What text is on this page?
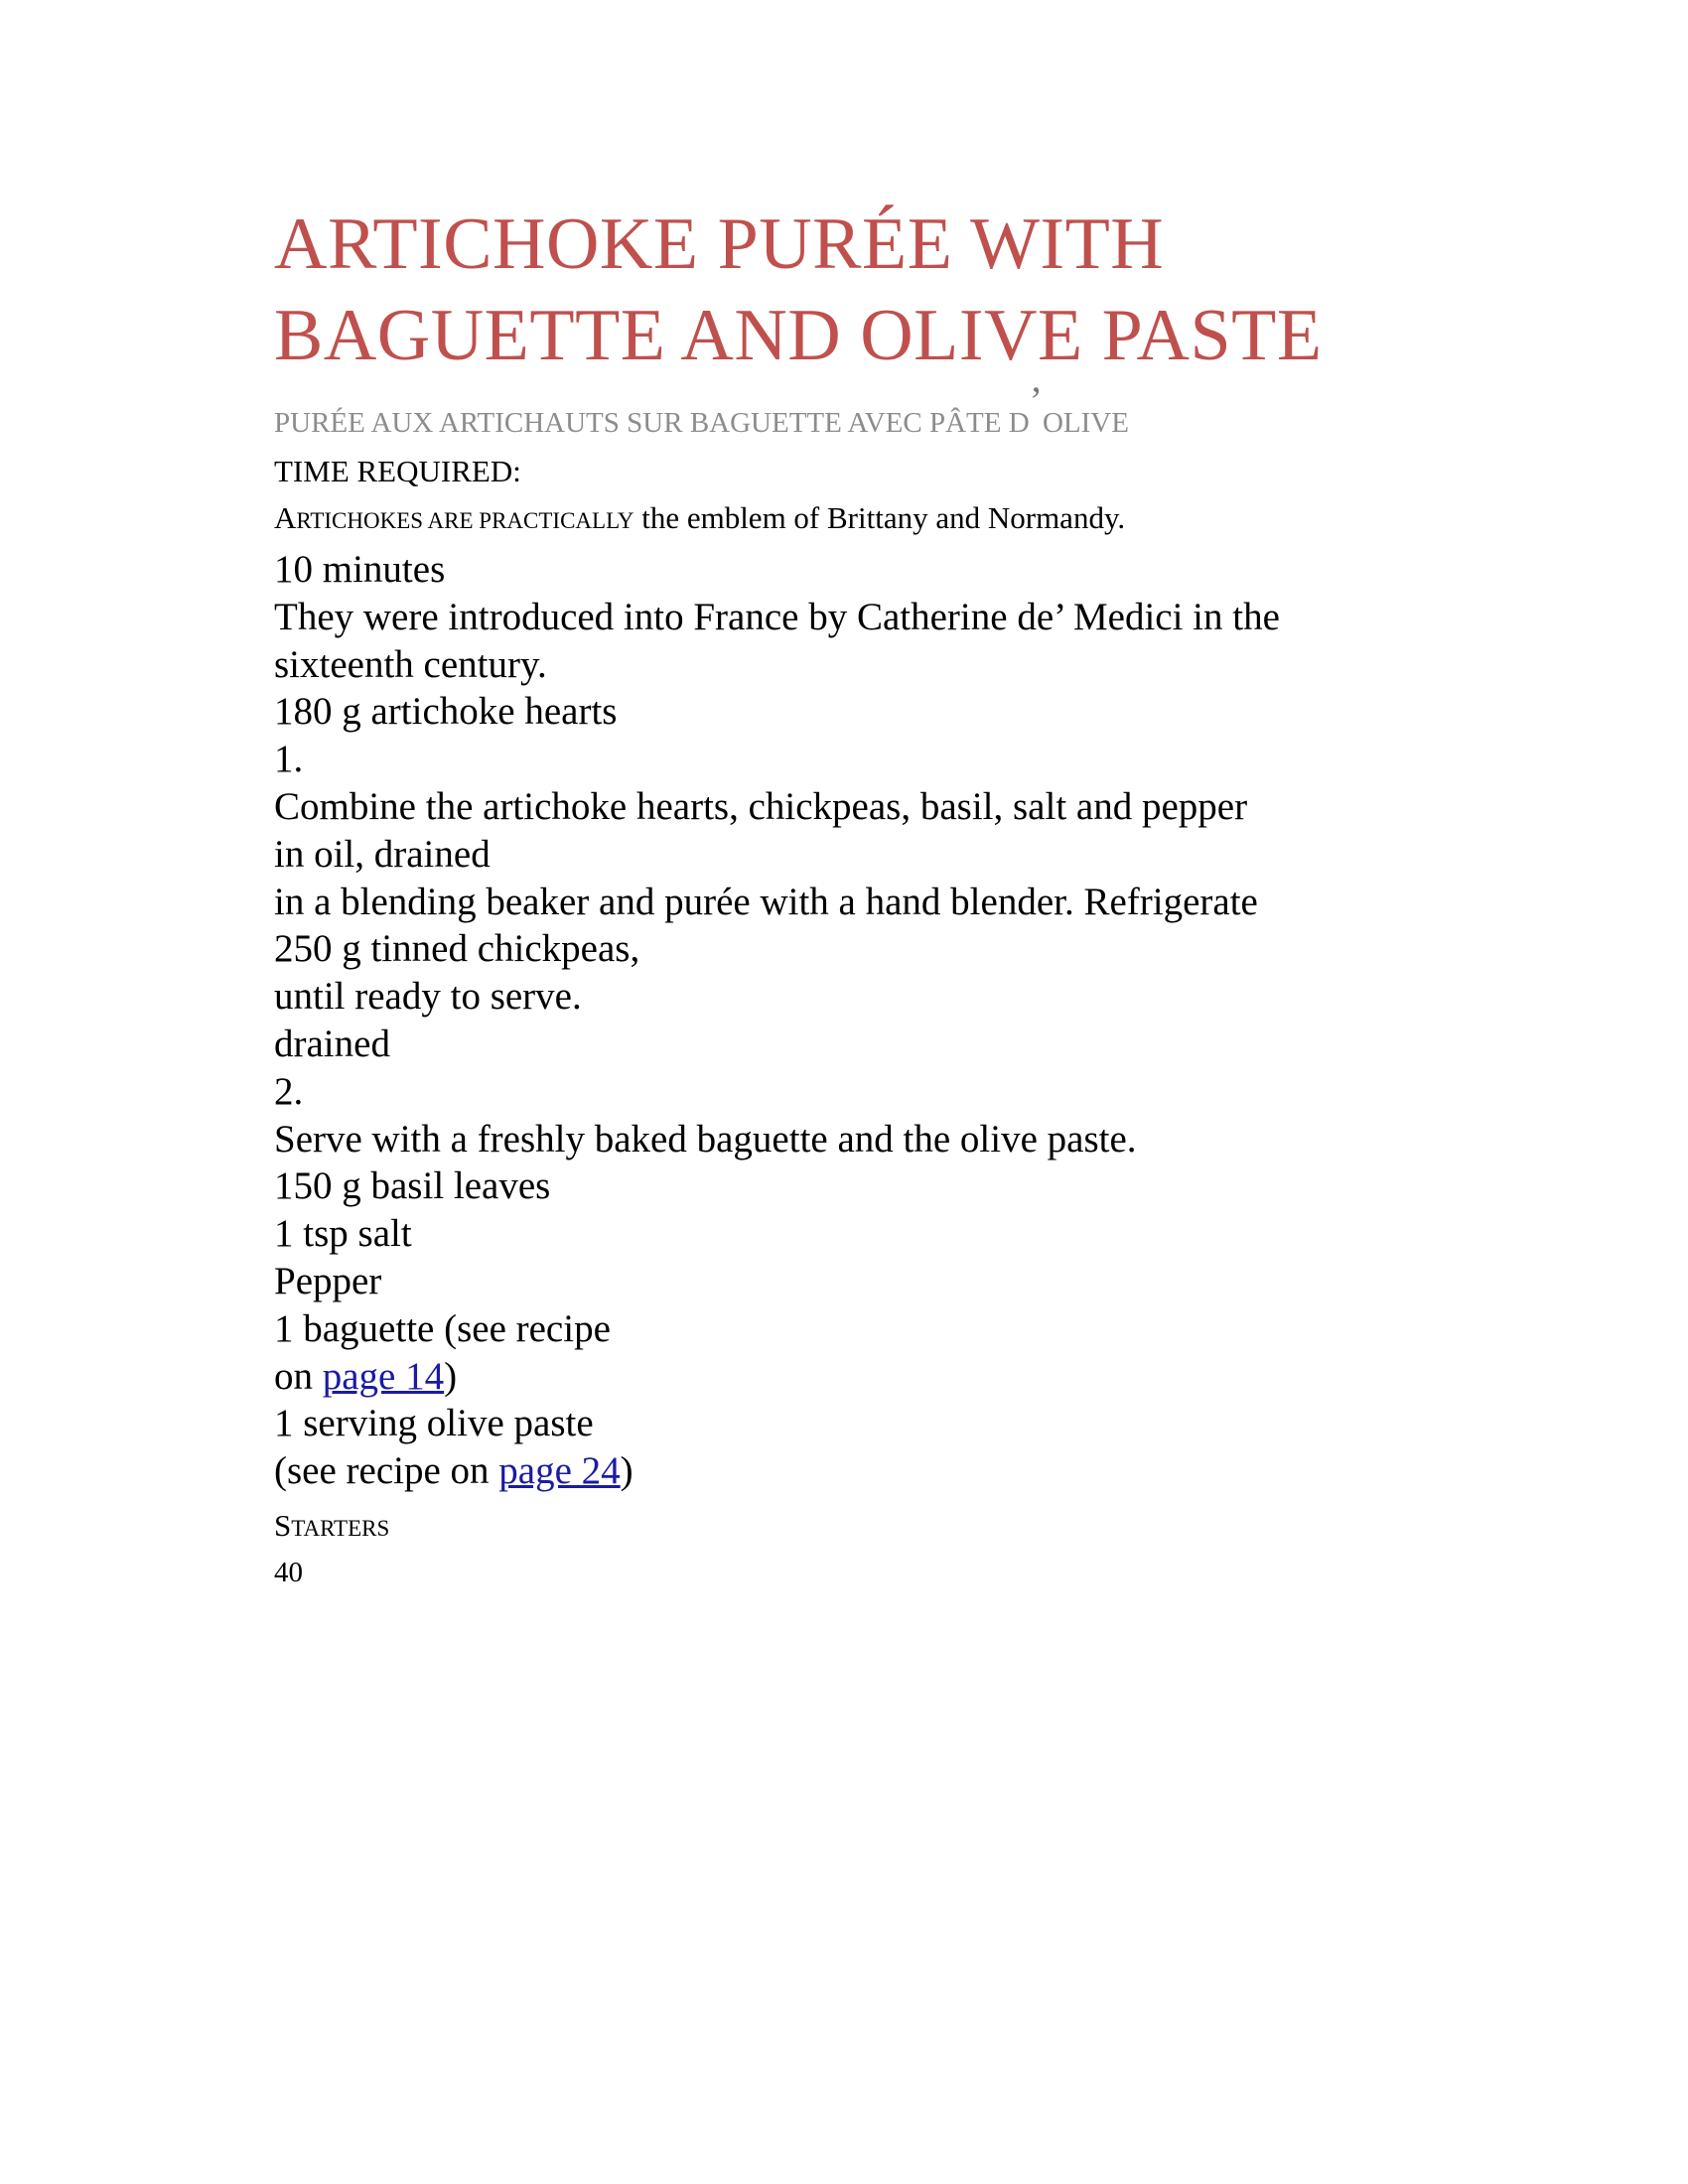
ARTICHOKE PURÉE WITH
BAGUETTE AND OLIVE PASTE
PURÉE AUX ARTICHAUTS SUR BAGUETTE AVEC PÂTE D’OLIVE
TIME REQUIRED:
ARTICHOKES ARE PRACTICALLY the emblem of Brittany and Normandy.
10 minutes
They were introduced into France by Catherine de’ Medici in the
sixteenth century.
180 g artichoke hearts
1.
Combine the artichoke hearts, chickpeas, basil, salt and pepper
in oil, drained
in a blending beaker and purée with a hand blender. Refrigerate
250 g tinned chickpeas,
until ready to serve.
drained
2.
Serve with a freshly baked baguette and the olive paste.
150 g basil leaves
1 tsp salt
Pepper
1 baguette (see recipe
on page 14)
1 serving olive paste
(see recipe on page 24)
STARTERS
40
